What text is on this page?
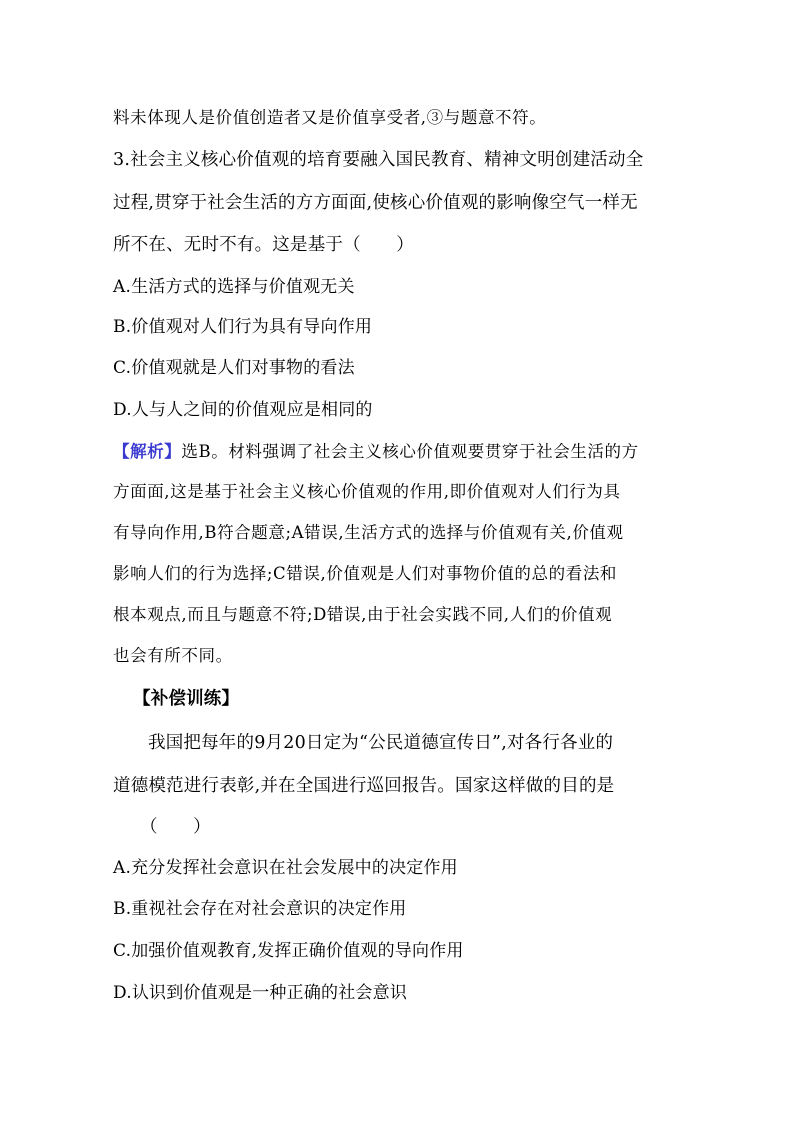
料未体现人是价值创造者又是价值享受者,③与题意不符。
3.社会主义核心价值观的培育要融入国民教育、精神文明创建活动全
过程,贯穿于社会生活的方方面面,使核心价值观的影响像空气一样无
所不在、无时不有。这是基于（　　）
A.生活方式的选择与价值观无关
B.价值观对人们行为具有导向作用
C.价值观就是人们对事物的看法
D.人与人之间的价值观应是相同的
【解析】选B。材料强调了社会主义核心价值观要贯穿于社会生活的方
方面面,这是基于社会主义核心价值观的作用,即价值观对人们行为具
有导向作用,B符合题意;A错误,生活方式的选择与价值观有关,价值观
影响人们的行为选择;C错误,价值观是人们对事物价值的总的看法和
根本观点,而且与题意不符;D错误,由于社会实践不同,人们的价值观
也会有所不同。
【补偿训练】
我国把每年的9月20日定为“公民道德宣传日”,对各行各业的
道德模范进行表彰,并在全国进行巡回报告。国家这样做的目的是
（　　）
A.充分发挥社会意识在社会发展中的决定作用
B.重视社会存在对社会意识的决定作用
C.加强价值观教育,发挥正确价值观的导向作用
D.认识到价值观是一种正确的社会意识
